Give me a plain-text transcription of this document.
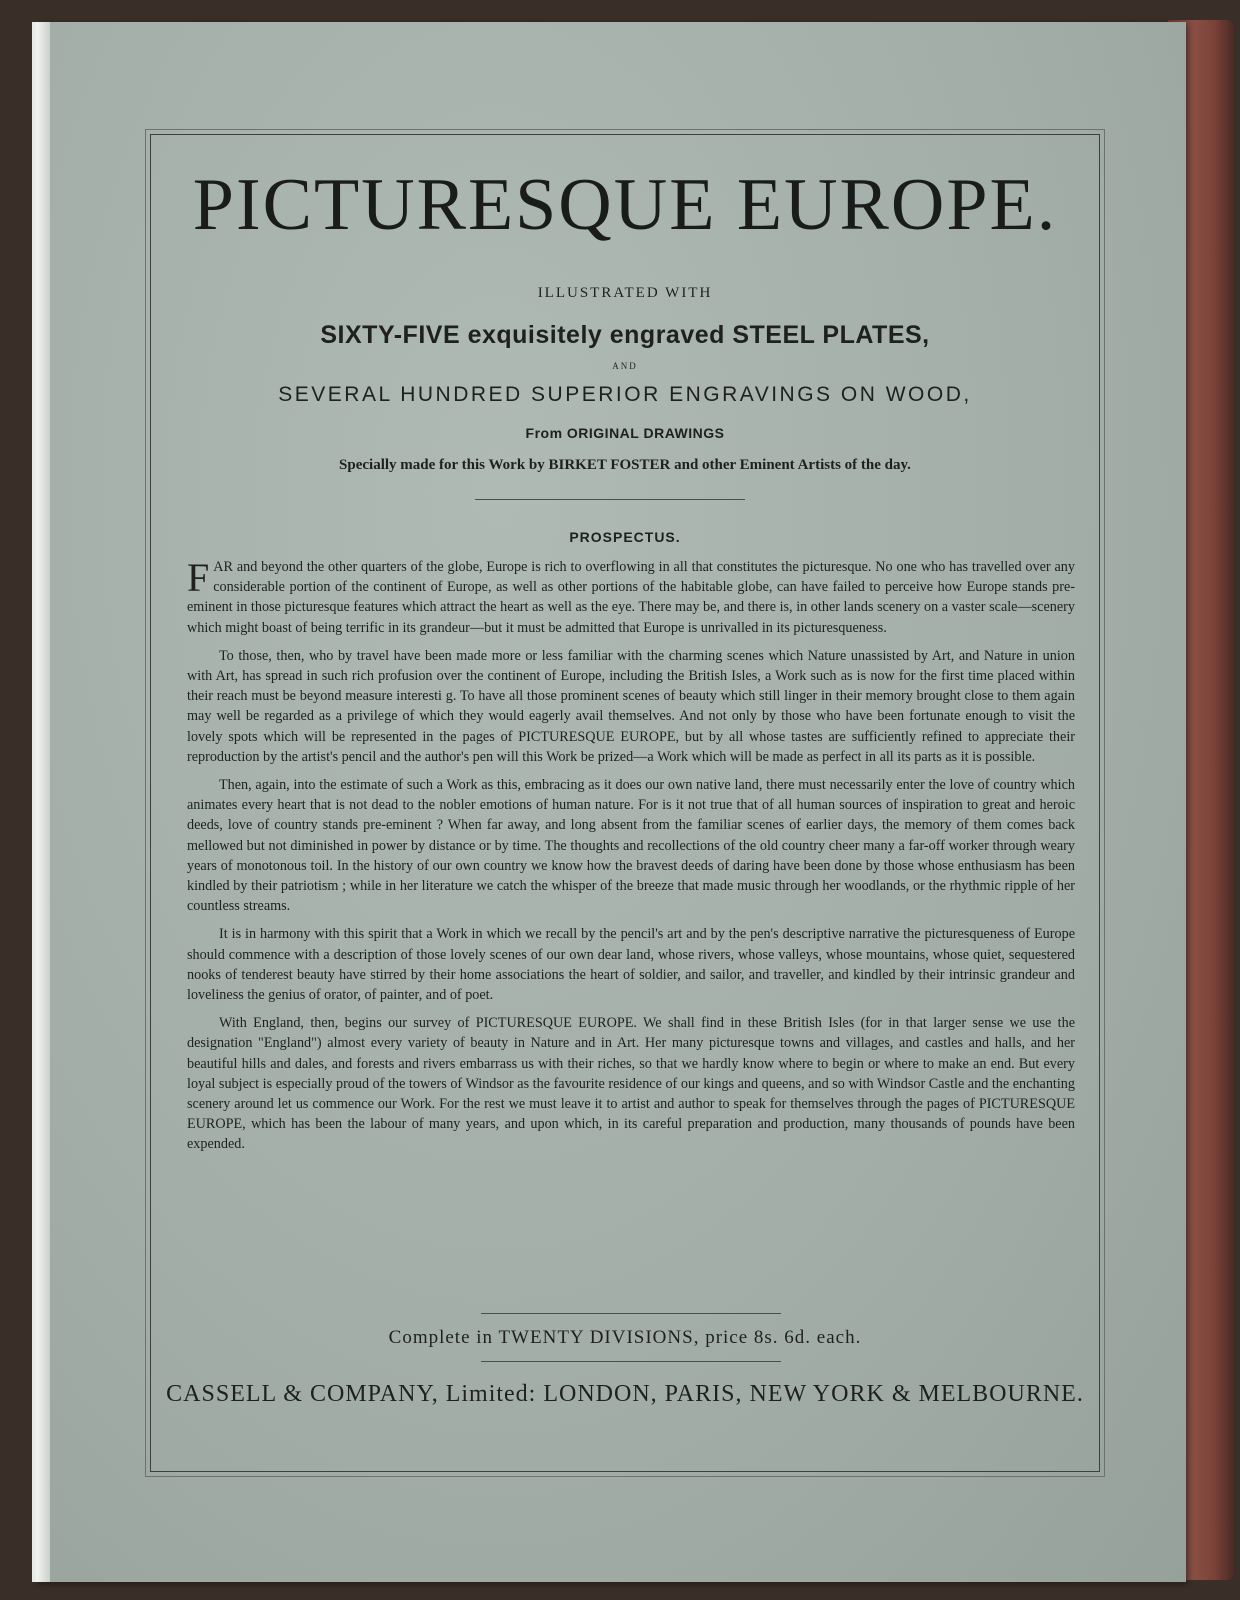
PICTURESQUE EUROPE.
ILLUSTRATED WITH
SIXTY-FIVE exquisitely engraved STEEL PLATES,
AND
SEVERAL HUNDRED SUPERIOR ENGRAVINGS ON WOOD,
From ORIGINAL DRAWINGS
Specially made for this Work by BIRKET FOSTER and other Eminent Artists of the day.
PROSPECTUS.

FAR and beyond the other quarters of the globe, Europe is rich to overflowing in all that constitutes the picturesque. No one who has travelled over any considerable portion of the continent of Europe, as well as other portions of the habitable globe, can have failed to perceive how Europe stands pre-eminent in those picturesque features which attract the heart as well as the eye. There may be, and there is, in other lands scenery on a vaster scale—scenery which might boast of being terrific in its grandeur—but it must be admitted that Europe is unrivalled in its picturesqueness.

To those, then, who by travel have been made more or less familiar with the charming scenes which Nature unassisted by Art, and Nature in union with Art, has spread in such rich profusion over the continent of Europe, including the British Isles, a Work such as is now for the first time placed within their reach must be beyond measure interesti g. To have all those prominent scenes of beauty which still linger in their memory brought close to them again may well be regarded as a privilege of which they would eagerly avail themselves. And not only by those who have been fortunate enough to visit the lovely spots which will be represented in the pages of PICTURESQUE EUROPE, but by all whose tastes are sufficiently refined to appreciate their reproduction by the artist's pencil and the author's pen will this Work be prized—a Work which will be made as perfect in all its parts as it is possible.

Then, again, into the estimate of such a Work as this, embracing as it does our own native land, there must necessarily enter the love of country which animates every heart that is not dead to the nobler emotions of human nature. For is it not true that of all human sources of inspiration to great and heroic deeds, love of country stands pre-eminent ? When far away, and long absent from the familiar scenes of earlier days, the memory of them comes back mellowed but not diminished in power by distance or by time. The thoughts and recollections of the old country cheer many a far-off worker through weary years of monotonous toil. In the history of our own country we know how the bravest deeds of daring have been done by those whose enthusiasm has been kindled by their patriotism ; while in her literature we catch the whisper of the breeze that made music through her woodlands, or the rhythmic ripple of her countless streams.

It is in harmony with this spirit that a Work in which we recall by the pencil's art and by the pen's descriptive narrative the picturesqueness of Europe should commence with a description of those lovely scenes of our own dear land, whose rivers, whose valleys, whose mountains, whose quiet, sequestered nooks of tenderest beauty have stirred by their home associations the heart of soldier, and sailor, and traveller, and kindled by their intrinsic grandeur and loveliness the genius of orator, of painter, and of poet.

With England, then, begins our survey of PICTURESQUE EUROPE. We shall find in these British Isles (for in that larger sense we use the designation "England") almost every variety of beauty in Nature and in Art. Her many picturesque towns and villages, and castles and halls, and her beautiful hills and dales, and forests and rivers embarrass us with their riches, so that we hardly know where to begin or where to make an end. But every loyal subject is especially proud of the towers of Windsor as the favourite residence of our kings and queens, and so with Windsor Castle and the enchanting scenery around let us commence our Work. For the rest we must leave it to artist and author to speak for themselves through the pages of PICTURESQUE EUROPE, which has been the labour of many years, and upon which, in its careful preparation and production, many thousands of pounds have been expended.

Complete in TWENTY DIVISIONS, price 8s. 6d. each.
CASSELL & COMPANY, Limited: LONDON, PARIS, NEW YORK & MELBOURNE.
